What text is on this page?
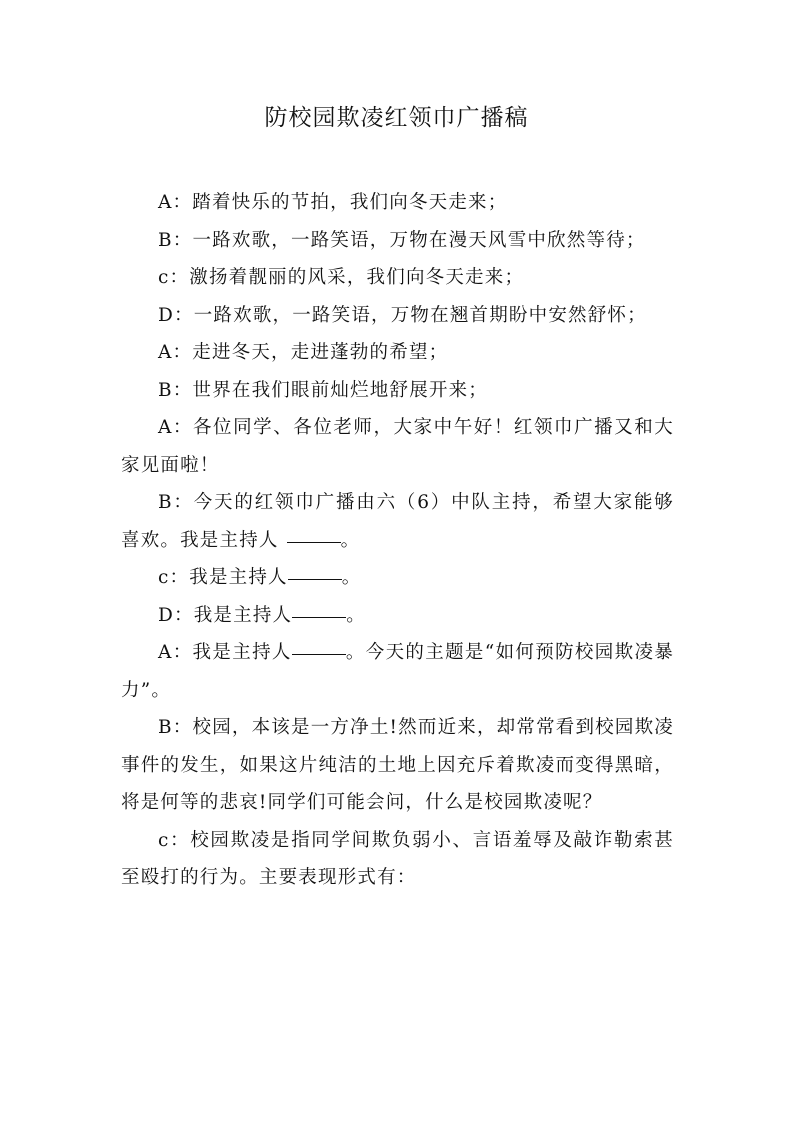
防校园欺凌红领巾广播稿

A：踏着快乐的节拍，我们向冬天走来；

B：一路欢歌，一路笑语，万物在漫天风雪中欣然等待；

c：激扬着靓丽的风采，我们向冬天走来；

D：一路欢歌，一路笑语，万物在翘首期盼中安然舒怀；

A：走进冬天，走进蓬勃的希望；

B：世界在我们眼前灿烂地舒展开来；

A：各位同学、各位老师，大家中午好！红领巾广播又和大家见面啦！

B：今天的红领巾广播由六（6）中队主持，希望大家能够喜欢。我是主持人	。

c：我是主持人	。

D：我是主持人	。

A：我是主持人	。今天的主题是“如何预防校园欺凌暴力”。

B：校园，本该是一方净土!然而近来，却常常看到校园欺凌事件的发生，如果这片纯洁的土地上因充斥着欺凌而变得黑暗，将是何等的悲哀!同学们可能会问，什么是校园欺凌呢？

c：校园欺凌是指同学间欺负弱小、言语羞辱及敲诈勒索甚至殴打的行为。主要表现形式有：
